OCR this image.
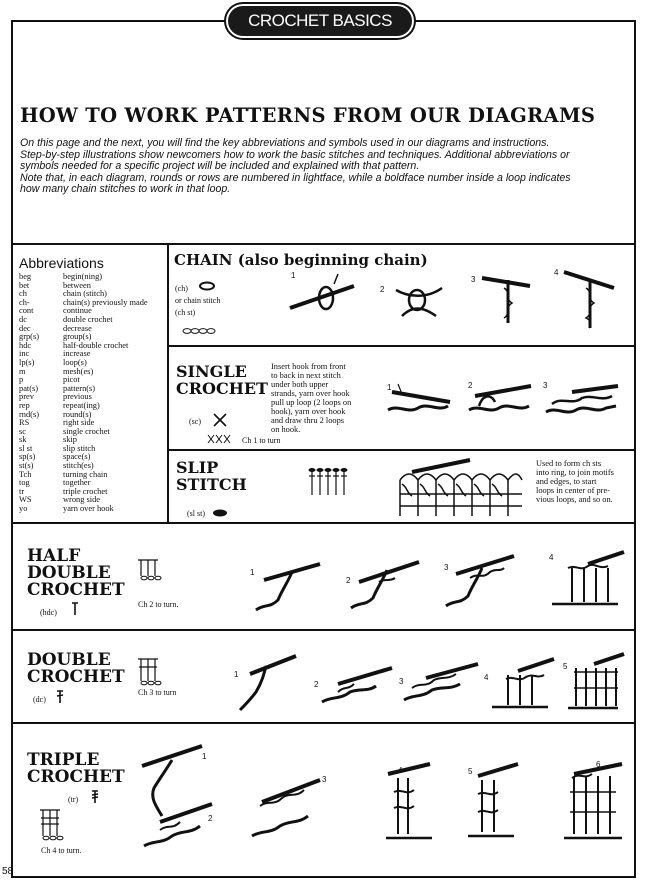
CROCHET BASICS
HOW TO WORK PATTERNS FROM OUR DIAGRAMS

On this page and the next, you will find the key abbreviations and symbols used in our diagrams and instructions.

Step-by-step illustrations show newcomers how to work the basic stitches and techniques. Additional abbreviations or

symbols needed for a specific project will be included and explained with that pattern.

Note that, in each diagram, rounds or rows are numbered in lightface, while a boldface number inside a loop indicates

how many chain stitches to work in that loop.

Abbreviations
beg	begin(ning)
bet	between
ch	chain (stitch)
ch-	chain(s) previously made
cont	continue
dc	double crochet
dec	decrease
grp(s)	group(s)
hdc	half-double crochet
inc	increase
lp(s)	loop(s)
m	mesh(es)
p	picot
pat(s)	pattern(s)
prev	previous
rep	repeat(ing)
rnd(s)	round(s)
RS	right side
sc	single crochet
sk	skip
sl st	slip stitch
sp(s)	space(s)
st(s)	stitch(es)
Tch	turning chain
tog	together
tr	triple crochet
WS	wrong side
yo	yarn over hook
CHAIN (also beginning chain)
(ch)
or chain stitch
(ch st)
1
2
3
4
SINGLE
CROCHET
(sc)
Ch 1 to turn
Insert hook from front
to back in next stitch
under both upper
strands, yarn over hook
pull up loop (2 loops on
hook), yarn over hook
and draw thru 2 loops
on hook.
1	2	3
SLIP
STITCH
(sl st)
Used to form ch sts
into ring, to join motifs
and edges, to start
loops in center of pre-
vious loops, and so on.
HALF
DOUBLE
CROCHET
(hdc)
Ch 2 to turn.
1
2
3
4
DOUBLE
CROCHET
(dc)
Ch 3 to turn
1
2	3	4
5
TRIPLE
CROCHET
(tr)
Ch 4 to turn.
1
2
3
5
6
58
